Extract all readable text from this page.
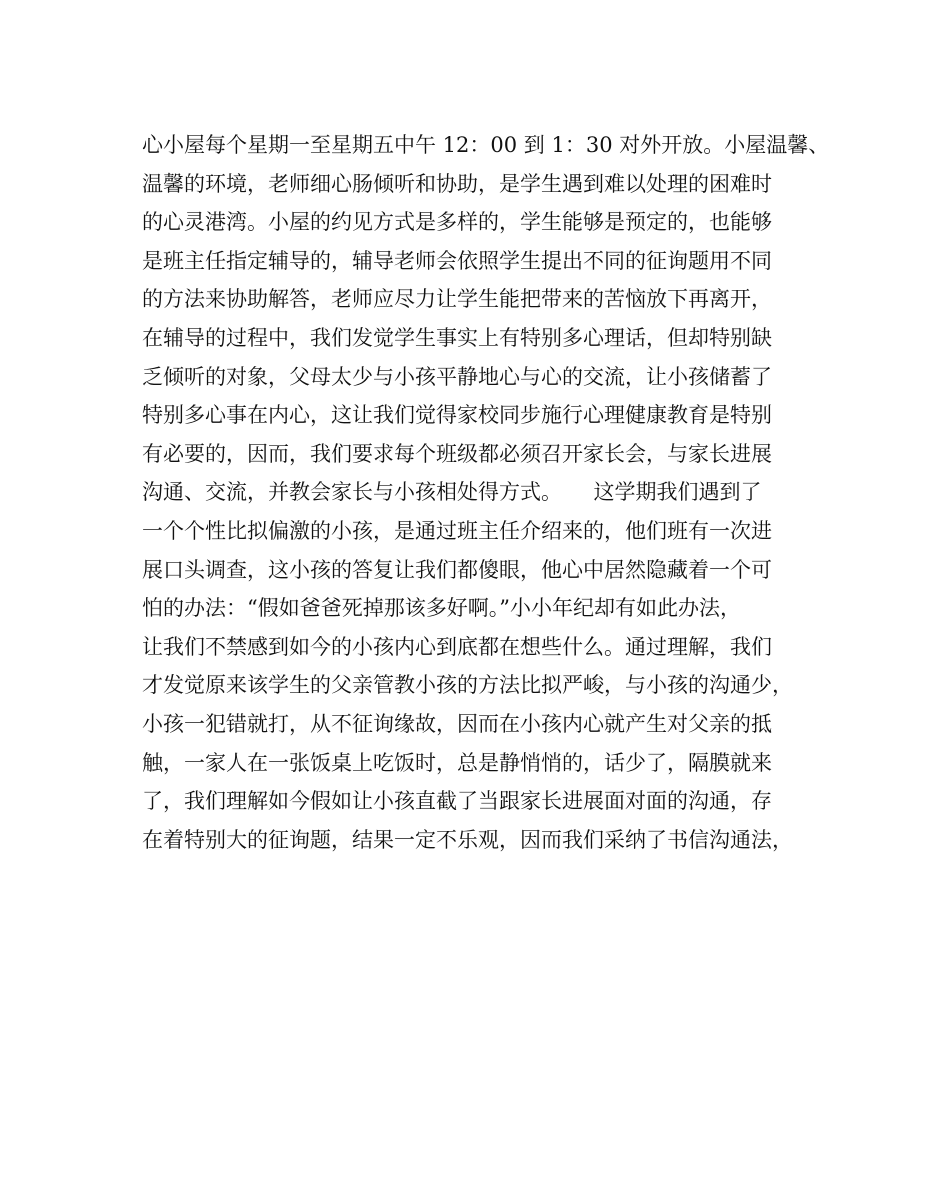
心小屋每个星期一至星期五中午 12：00 到 1：30 对外开放。小屋温馨、
温馨的环境，老师细心肠倾听和协助，是学生遇到难以处理的困难时
的心灵港湾。小屋的约见方式是多样的，学生能够是预定的，也能够
是班主任指定辅导的，辅导老师会依照学生提出不同的征询题用不同
的方法来协助解答，老师应尽力让学生能把带来的苦恼放下再离开，
在辅导的过程中，我们发觉学生事实上有特别多心理话，但却特别缺
乏倾听的对象，父母太少与小孩平静地心与心的交流，让小孩储蓄了
特别多心事在内心，这让我们觉得家校同步施行心理健康教育是特别
有必要的，因而，我们要求每个班级都必须召开家长会，与家长进展
沟通、交流，并教会家长与小孩相处得方式。　　这学期我们遇到了
一个个性比拟偏激的小孩，是通过班主任介绍来的，他们班有一次进
展口头调查，这小孩的答复让我们都傻眼，他心中居然隐藏着一个可
怕的办法：“假如爸爸死掉那该多好啊。”小小年纪却有如此办法，
让我们不禁感到如今的小孩内心到底都在想些什么。通过理解，我们
才发觉原来该学生的父亲管教小孩的方法比拟严峻，与小孩的沟通少，
小孩一犯错就打，从不征询缘故，因而在小孩内心就产生对父亲的抵
触，一家人在一张饭桌上吃饭时，总是静悄悄的，话少了，隔膜就来
了，我们理解如今假如让小孩直截了当跟家长进展面对面的沟通，存
在着特别大的征询题，结果一定不乐观，因而我们采纳了书信沟通法，
